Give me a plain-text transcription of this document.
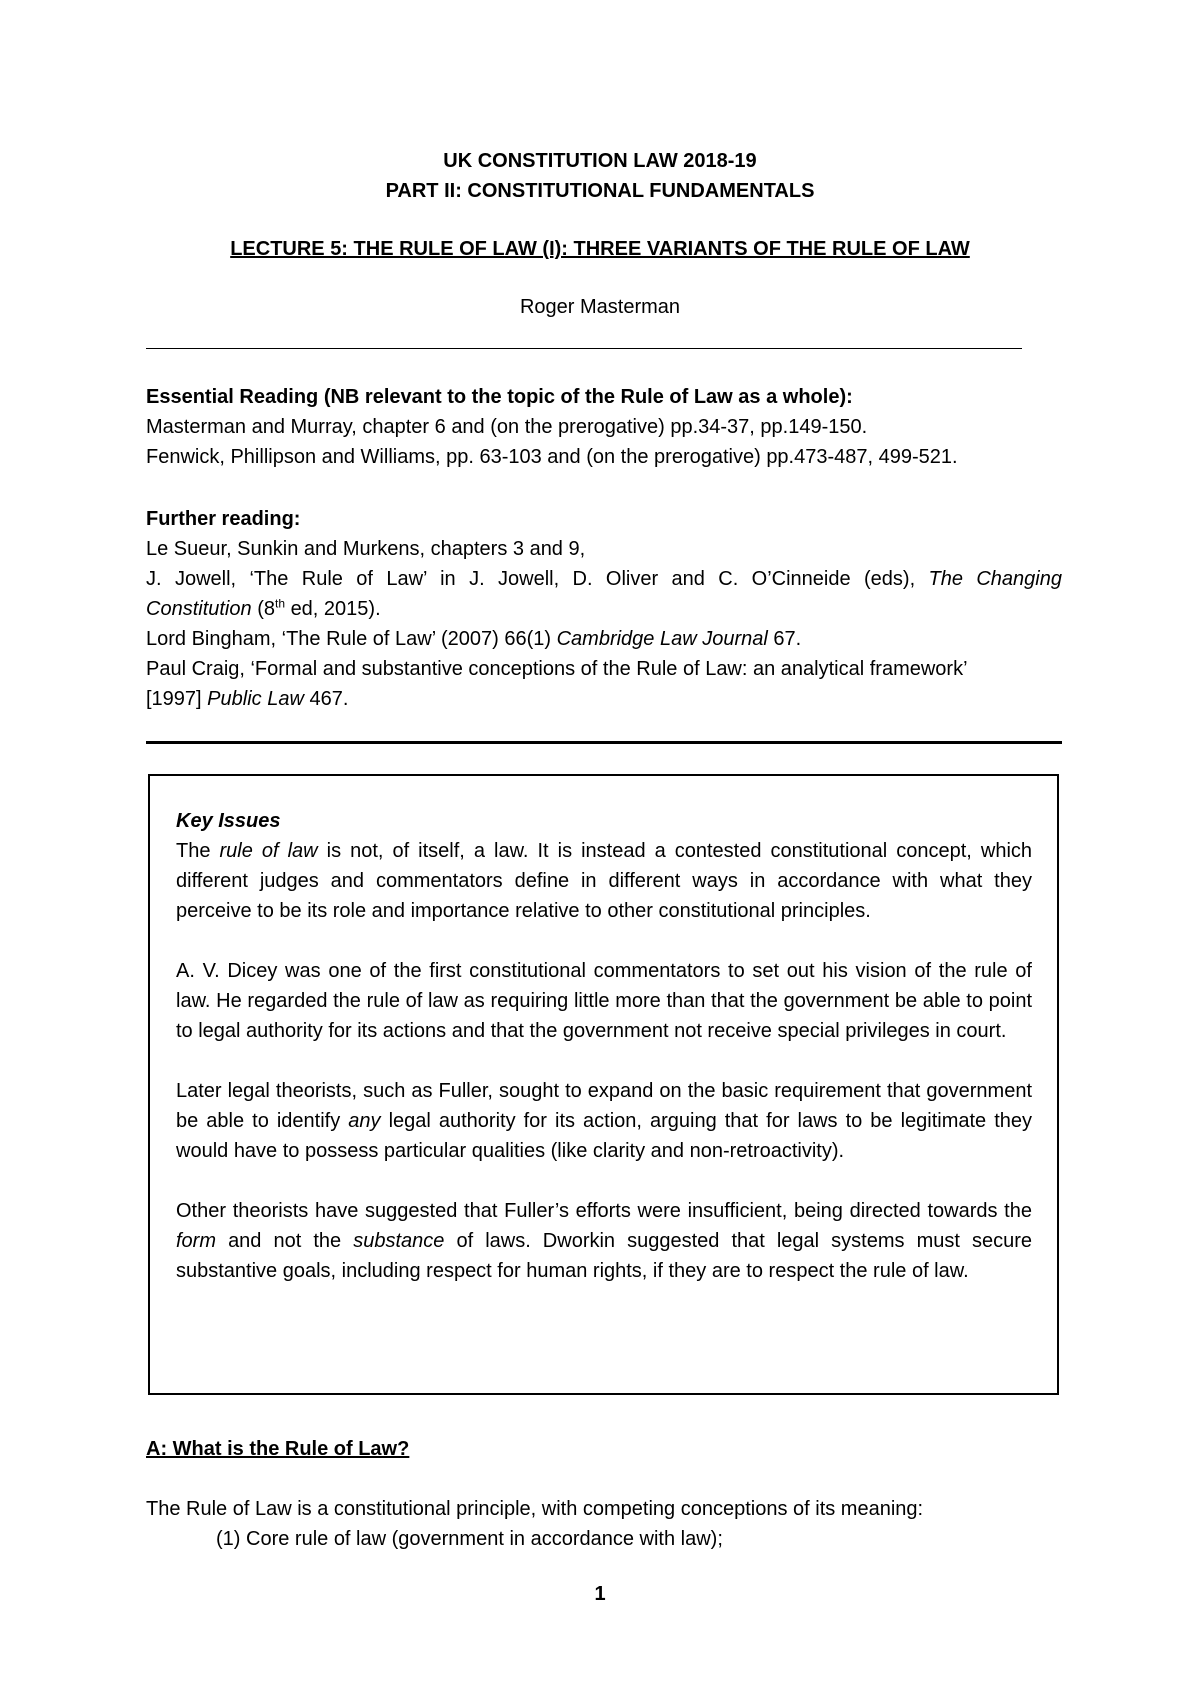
UK CONSTITUTION LAW 2018-19
PART II: CONSTITUTIONAL FUNDAMENTALS
LECTURE 5: THE RULE OF LAW (I): THREE VARIANTS OF THE RULE OF LAW
Roger Masterman
Essential Reading (NB relevant to the topic of the Rule of Law as a whole):
Masterman and Murray, chapter 6 and (on the prerogative) pp.34-37, pp.149-150.
Fenwick, Phillipson and Williams, pp. 63-103 and (on the prerogative) pp.473-487, 499-521.
Further reading:
Le Sueur, Sunkin and Murkens, chapters 3 and 9,
J. Jowell, ‘The Rule of Law’ in J. Jowell, D. Oliver and C. O’Cinneide (eds), The Changing
Constitution (8th ed, 2015).
Lord Bingham, ‘The Rule of Law’ (2007) 66(1) Cambridge Law Journal 67.
Paul Craig, ‘Formal and substantive conceptions of the Rule of Law: an analytical framework’
[1997] Public Law 467.

Key Issues

The rule of law is not, of itself, a law. It is instead a contested constitutional concept, which different judges and commentators define in different ways in accordance with what they perceive to be its role and importance relative to other constitutional principles.

A. V. Dicey was one of the first constitutional commentators to set out his vision of the rule of law. He regarded the rule of law as requiring little more than that the government be able to point to legal authority for its actions and that the government not receive special privileges in court.

Later legal theorists, such as Fuller, sought to expand on the basic requirement that government be able to identify any legal authority for its action, arguing that for laws to be legitimate they would have to possess particular qualities (like clarity and non-retroactivity).

Other theorists have suggested that Fuller’s efforts were insufficient, being directed towards the form and not the substance of laws. Dworkin suggested that legal systems must secure substantive goals, including respect for human rights, if they are to respect the rule of law.

A: What is the Rule of Law?
The Rule of Law is a constitutional principle, with competing conceptions of its meaning:
(1) Core rule of law (government in accordance with law);
1
